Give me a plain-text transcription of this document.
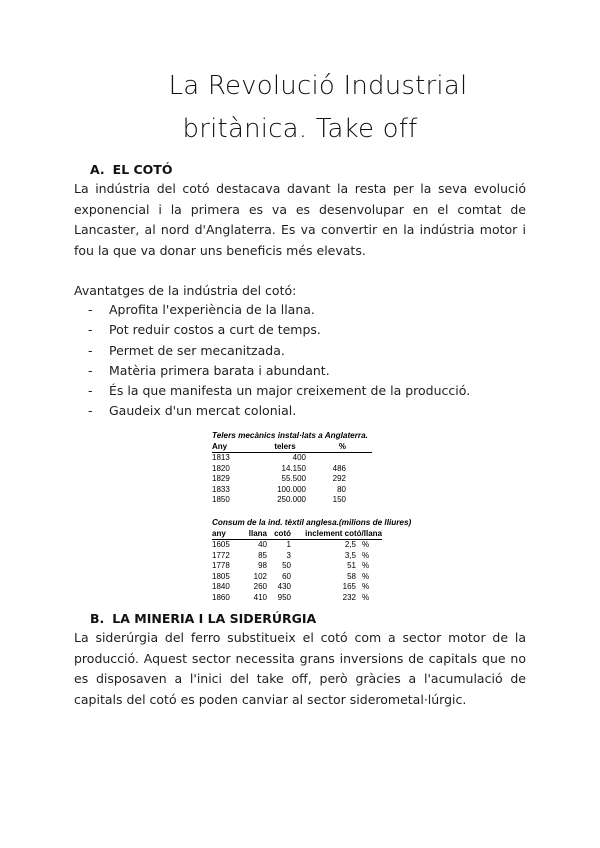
La Revolució Industrial
britànica. Take off
A. EL COTÓ
La indústria del cotó destacava davant la resta per la seva evolució
exponencial i la primera es va es desenvolupar en el comtat de
Lancaster, al nord d'Anglaterra. Es va convertir en la indústria motor i
fou la que va donar uns beneficis més elevats.
Avantatges de la indústria del cotó:
- Aprofita l'experiència de la llana.
- Pot reduir costos a curt de temps.
- Permet de ser mecanitzada.
- Matèria primera barata i abundant.
- És la que manifesta un major creixement de la producció.
- Gaudeix d'un mercat colonial.
Telers mecànics instal·lats a Anglaterra.
Any	telers	%
1813	400	
1820	14.150	486
1829	55.500	292
1833	100.000	80
1850	250.000	150
Consum de la ind. tèxtil anglesa.(milions de lliures)
any	llana	cotó	inclement cotó/llana	
1605	40	1	2,5	%
1772	85	3	3,5	%
1778	98	50	51	%
1805	102	60	58	%
1840	260	430	165	%
1860	410	950	232	%
B. LA MINERIA I LA SIDERÚRGIA
La siderúrgia del ferro substitueix el cotó com a sector motor de la
producció. Aquest sector necessita grans inversions de capitals que no
es disposaven a l'inici del take off, però gràcies a l'acumulació de
capitals del cotó es poden canviar al sector siderometal·lúrgic.
